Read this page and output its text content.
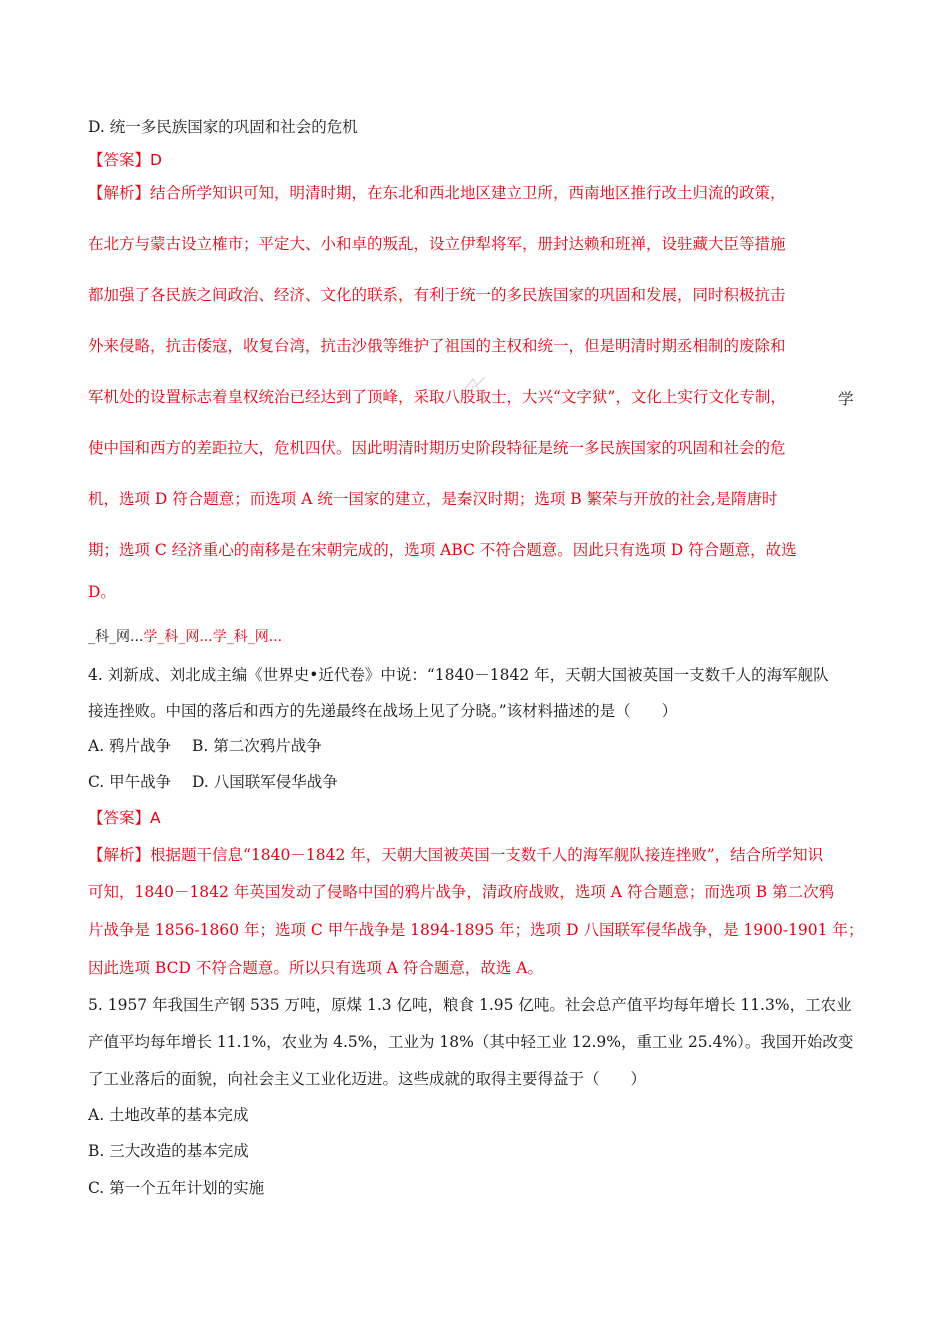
D. 统一多民族国家的巩固和社会的危机
【答案】D
【解析】结合所学知识可知，明清时期，在东北和西北地区建立卫所，西南地区推行改土归流的政策，
在北方与蒙古设立榷市；平定大、小和卓的叛乱，设立伊犁将军，册封达赖和班禅，设驻藏大臣等措施
都加强了各民族之间政治、经济、文化的联系，有利于统一的多民族国家的巩固和发展，同时积极抗击
外来侵略，抗击倭寇，收复台湾，抗击沙俄等维护了祖国的主权和统一，但是明清时期丞相制的废除和
军机处的设置标志着皇权统治已经达到了顶峰，采取八股取士，大兴“文字狱”，文化上实行文化专制，	学
使中国和西方的差距拉大，危机四伏。因此明清时期历史阶段特征是统一多民族国家的巩固和社会的危
机，选项 D 符合题意；而选项 A 统一国家的建立，是秦汉时期；选项 B 繁荣与开放的社会,是隋唐时
期；选项 C 经济重心的南移是在宋朝完成的，选项 ABC 不符合题意。因此只有选项 D 符合题意，故选
D。
_科_网...学_科_网...学_科_网...
4. 刘新成、刘北成主编《世界史•近代卷》中说：“1840－1842 年，天朝大国被英国一支数千人的海军舰队
接连挫败。中国的落后和西方的先递最终在战场上见了分晓。”该材料描述的是（　　）
A. 鸦片战争 B. 第二次鸦片战争
C. 甲午战争 D. 八国联军侵华战争
【答案】A
【解析】根据题干信息“1840－1842 年，天朝大国被英国一支数千人的海军舰队接连挫败”，结合所学知识
可知，1840－1842 年英国发动了侵略中国的鸦片战争，清政府战败，选项 A 符合题意；而选项 B 第二次鸦
片战争是 1856-1860 年；选项 C 甲午战争是 1894-1895 年；选项 D 八国联军侵华战争，是 1900-1901 年；
因此选项 BCD 不符合题意。所以只有选项 A 符合题意，故选 A。
5. 1957 年我国生产钢 535 万吨，原煤 1.3 亿吨，粮食 1.95 亿吨。社会总产值平均每年增长 11.3%，工农业
产值平均每年增长 11.1%，农业为 4.5%，工业为 18%（其中轻工业 12.9%，重工业 25.4%）。我国开始改变
了工业落后的面貌，向社会主义工业化迈进。这些成就的取得主要得益于（　　）
A. 土地改革的基本完成
B. 三大改造的基本完成
C. 第一个五年计划的实施
